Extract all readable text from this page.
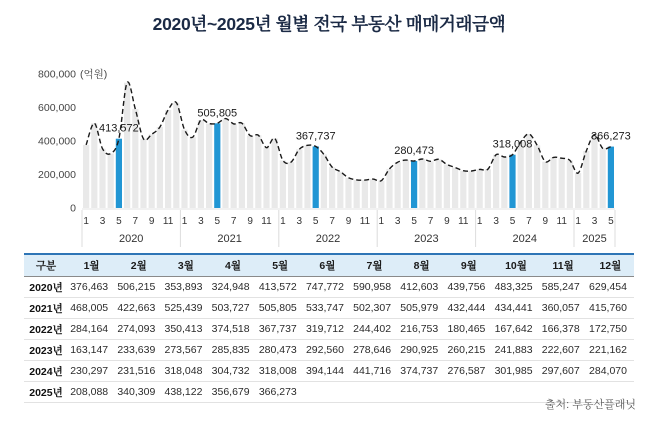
2020년~2025년 월별 전국 부동산 매매거래금액
0
200,000
400,000
600,000
800,000 (억원)
413,572
505,805
367,737
280,473
318,008
366,273
1 3 5 7 9 11
2020
1 3 5 7 9 11
2021
1 3 5 7 9 11
2022
1 3 5 7 9 11
2023
1 3 5 7 9 11
2024
1 3 5
2025
구분	1월	2월	3월	4월	5월	6월	7월	8월	9월	10월	11월	12월
2020년	376,463	506,215	353,893	324,948	413,572	747,772	590,958	412,603	439,756	483,325	585,247	629,454
2021년	468,005	422,663	525,439	503,727	505,805	533,747	502,307	505,979	432,444	434,441	360,057	415,760
2022년	284,164	274,093	350,413	374,518	367,737	319,712	244,402	216,753	180,465	167,642	166,378	172,750
2023년	163,147	233,639	273,567	285,835	280,473	292,560	278,646	290,925	260,215	241,883	222,607	221,162
2024년	230,297	231,516	318,048	304,732	318,008	394,144	441,716	374,737	276,587	301,985	297,607	284,070
2025년	208,088	340,309	438,122	356,679	366,273							
출처: 부동산플래닛
